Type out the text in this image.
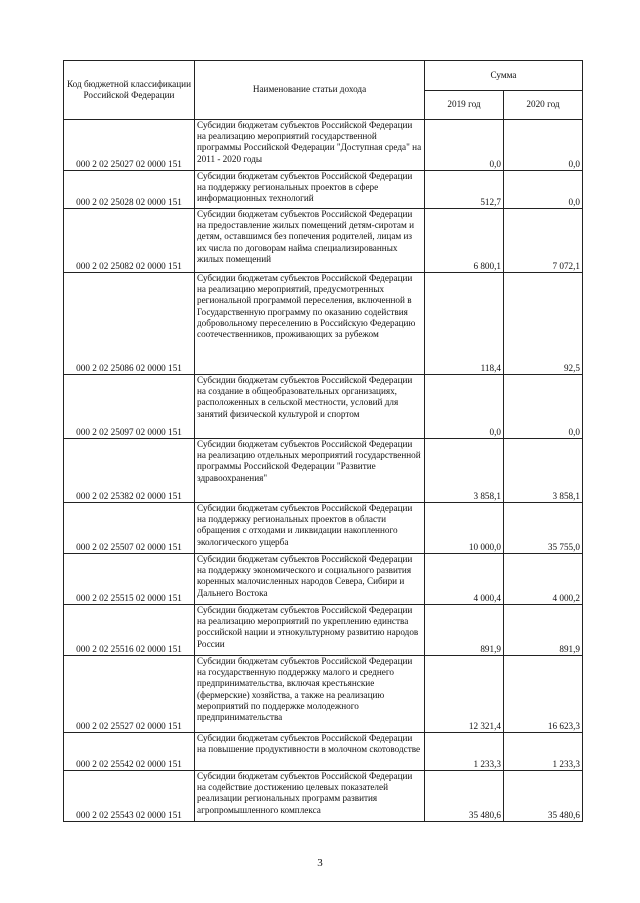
Код бюджетной классификации Российской Федерации	Наименование статьи дохода	Сумма	
		2019 год	2020 год
000 2 02 25027 02 0000 151	Субсидии бюджетам субъектов Российской Федерации на реализацию мероприятий государственной программы Российской Федерации "Доступная среда" на 2011 - 2020 годы	0,0	0,0
000 2 02 25028 02 0000 151	Субсидии бюджетам субъектов Российской Федерации на поддержку региональных проектов в сфере информационных технологий	512,7	0,0
000 2 02 25082 02 0000 151	Субсидии бюджетам субъектов Российской Федерации на предоставление жилых помещений детям-сиротам и детям, оставшимся без попечения родителей, лицам из их числа по договорам найма специализированных жилых помещений	6 800,1	7 072,1
000 2 02 25086 02 0000 151	Субсидии бюджетам субъектов Российской Федерации на реализацию мероприятий, предусмотренных региональной программой переселения, включенной в Государственную программу по оказанию содействия добровольному переселению в Российскую Федерацию соотечественников, проживающих за рубежом	118,4	92,5
000 2 02 25097 02 0000 151	Субсидии бюджетам субъектов Российской Федерации на создание в общеобразовательных организациях, расположенных в сельской местности, условий для занятий физической культурой и спортом	0,0	0,0
000 2 02 25382 02 0000 151	Субсидии бюджетам субъектов Российской Федерации на реализацию отдельных мероприятий государственной программы Российской Федерации "Развитие здравоохранения"	3 858,1	3 858,1
000 2 02 25507 02 0000 151	Субсидии бюджетам субъектов Российской Федерации на поддержку региональных проектов в области обращения с отходами и ликвидации накопленного экологического ущерба	10 000,0	35 755,0
000 2 02 25515 02 0000 151	Субсидии бюджетам субъектов Российской Федерации на поддержку экономического и социального развития коренных малочисленных народов Севера, Сибири и Дальнего Востока	4 000,4	4 000,2
000 2 02 25516 02 0000 151	Субсидии бюджетам субъектов Российской Федерации на реализацию мероприятий по укреплению единства российской нации и этнокультурному развитию народов России	891,9	891,9
000 2 02 25527 02 0000 151	Субсидии бюджетам субъектов Российской Федерации на государственную поддержку малого и среднего предпринимательства, включая крестьянские (фермерские) хозяйства, а также на реализацию мероприятий по поддержке молодежного предпринимательства	12 321,4	16 623,3
000 2 02 25542 02 0000 151	Субсидии бюджетам субъектов Российской Федерации на повышение продуктивности в молочном скотоводстве	1 233,3	1 233,3
000 2 02 25543 02 0000 151	Субсидии бюджетам субъектов Российской Федерации на содействие достижению целевых показателей реализации региональных программ развития агропромышленного комплекса	35 480,6	35 480,6
3
